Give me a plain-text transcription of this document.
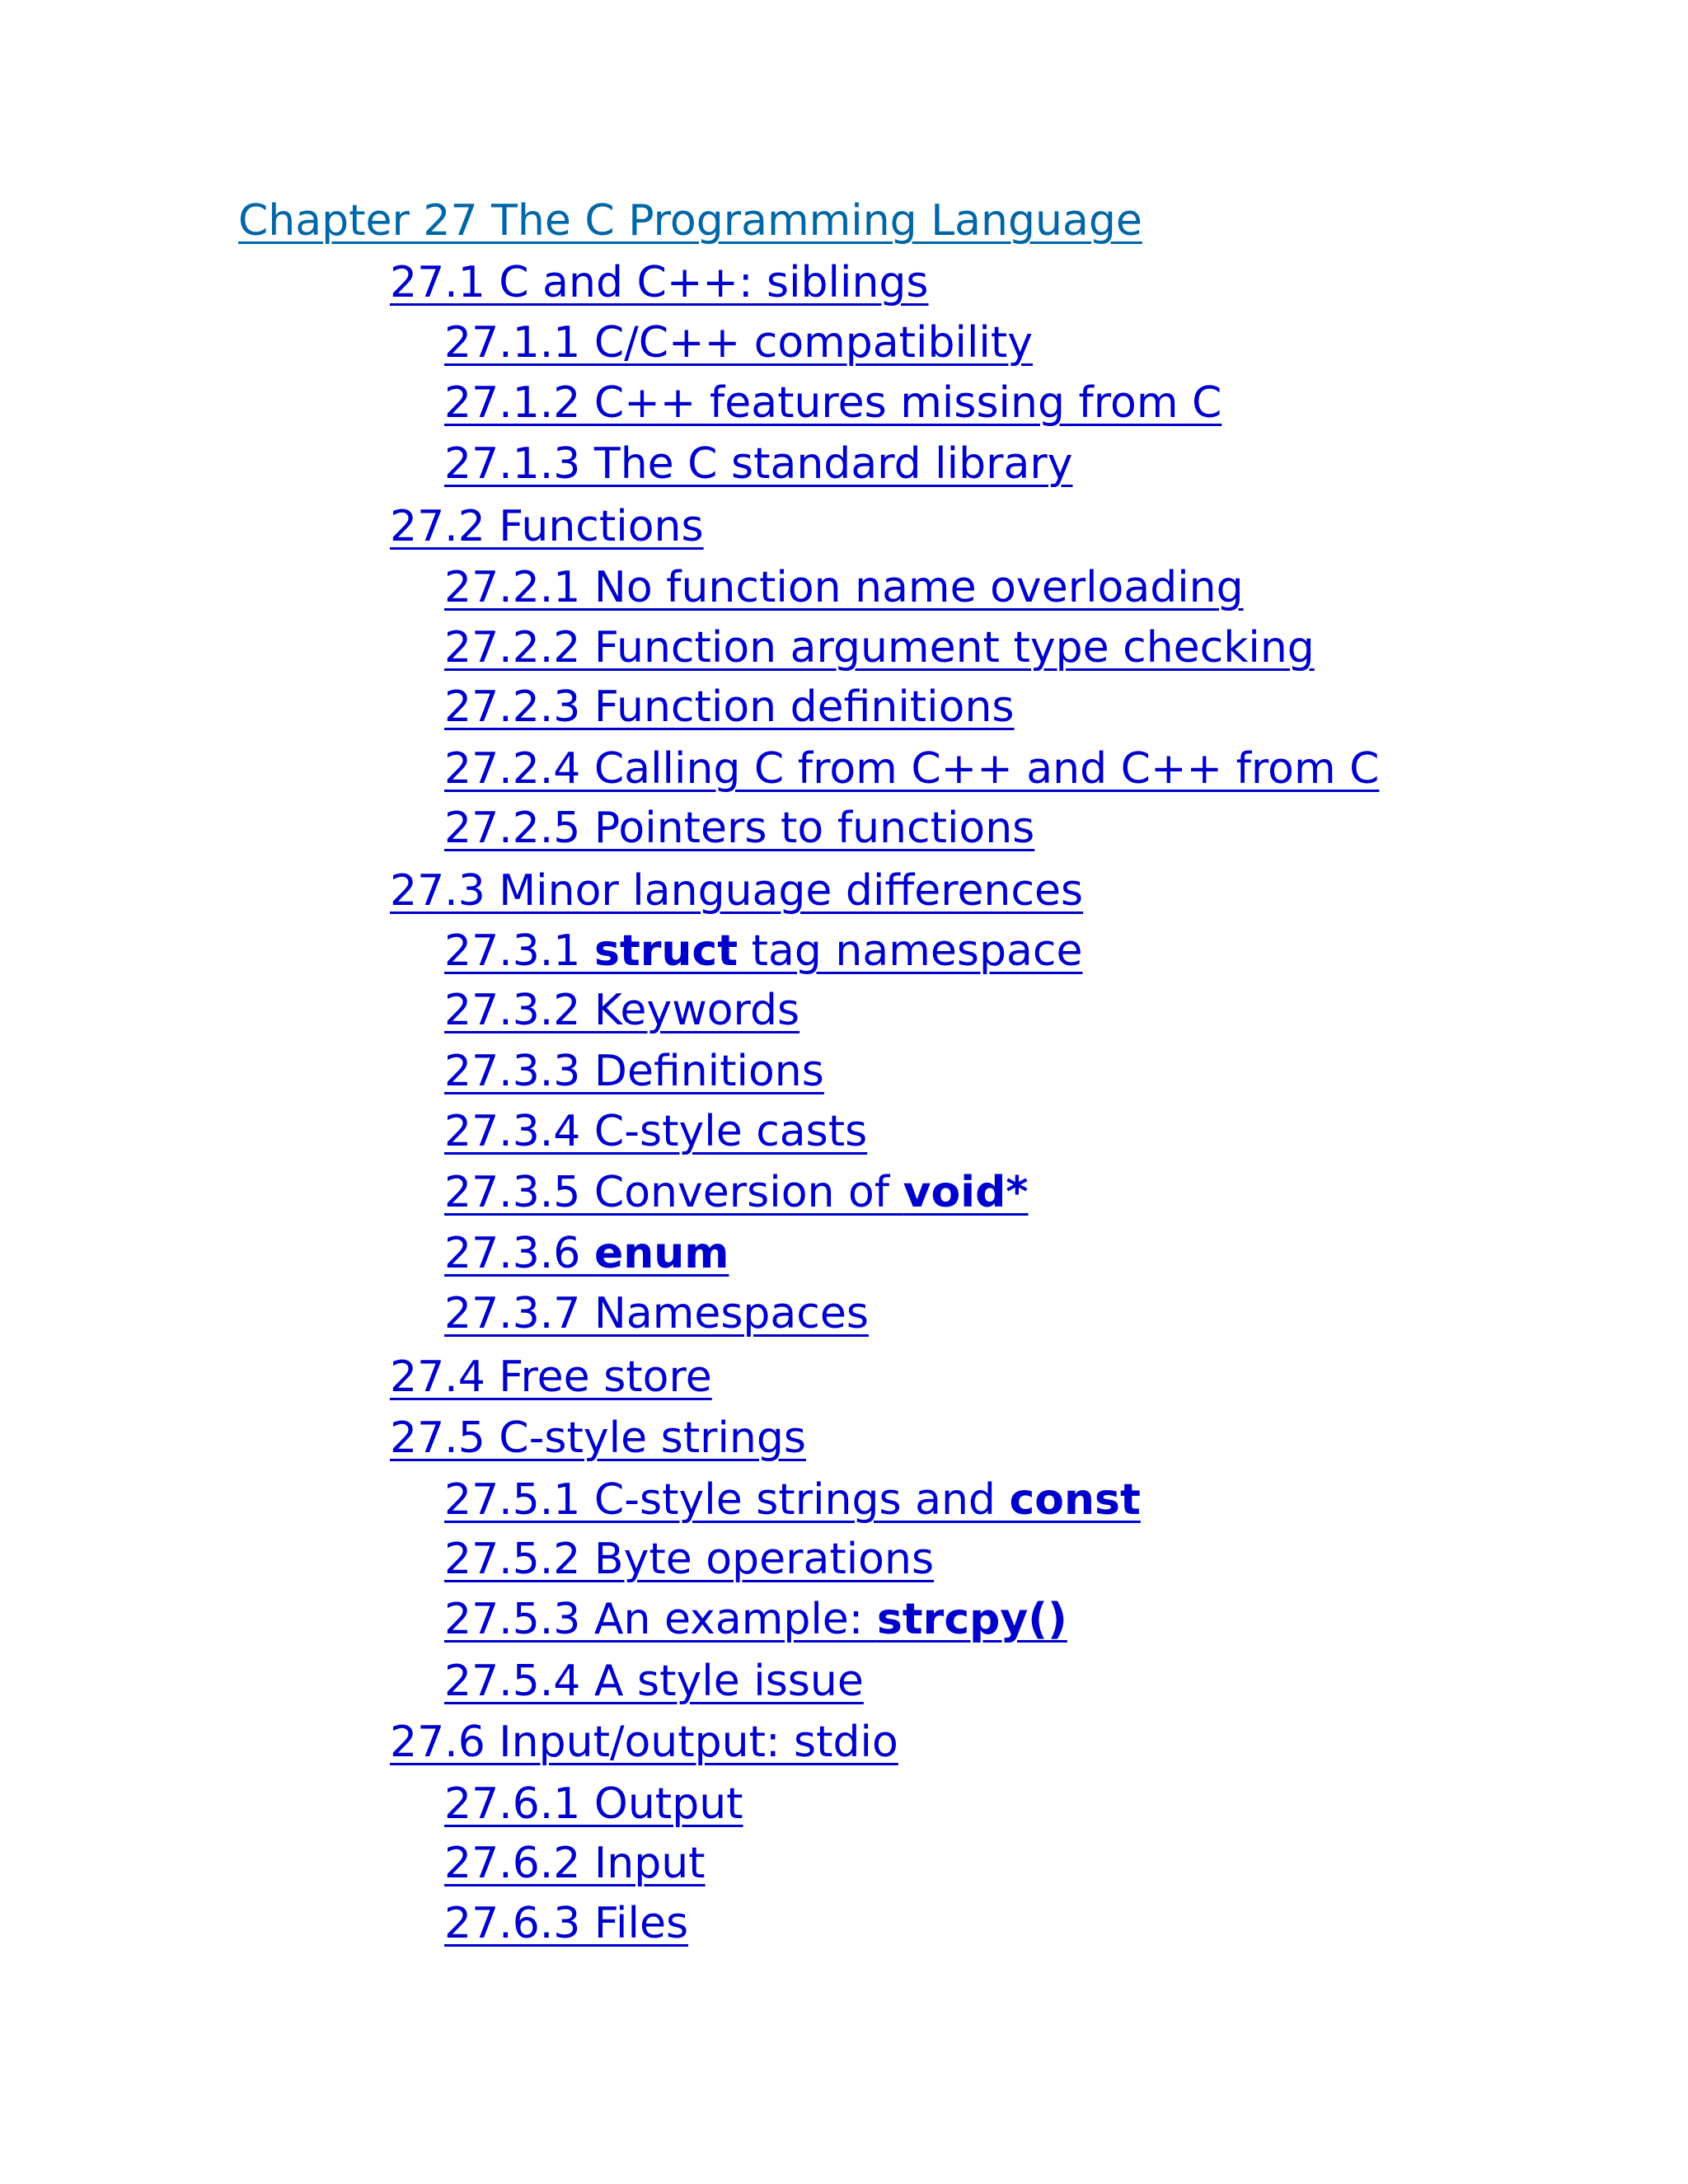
Chapter 27 The C Programming Language
27.1 C and C++: siblings
27.1.1 C/C++ compatibility
27.1.2 C++ features missing from C
27.1.3 The C standard library
27.2 Functions
27.2.1 No function name overloading
27.2.2 Function argument type checking
27.2.3 Function definitions
27.2.4 Calling C from C++ and C++ from C
27.2.5 Pointers to functions
27.3 Minor language differences
27.3.1 struct tag namespace
27.3.2 Keywords
27.3.3 Definitions
27.3.4 C-style casts
27.3.5 Conversion of void*
27.3.6 enum
27.3.7 Namespaces
27.4 Free store
27.5 C-style strings
27.5.1 C-style strings and const
27.5.2 Byte operations
27.5.3 An example: strcpy()
27.5.4 A style issue
27.6 Input/output: stdio
27.6.1 Output
27.6.2 Input
27.6.3 Files
